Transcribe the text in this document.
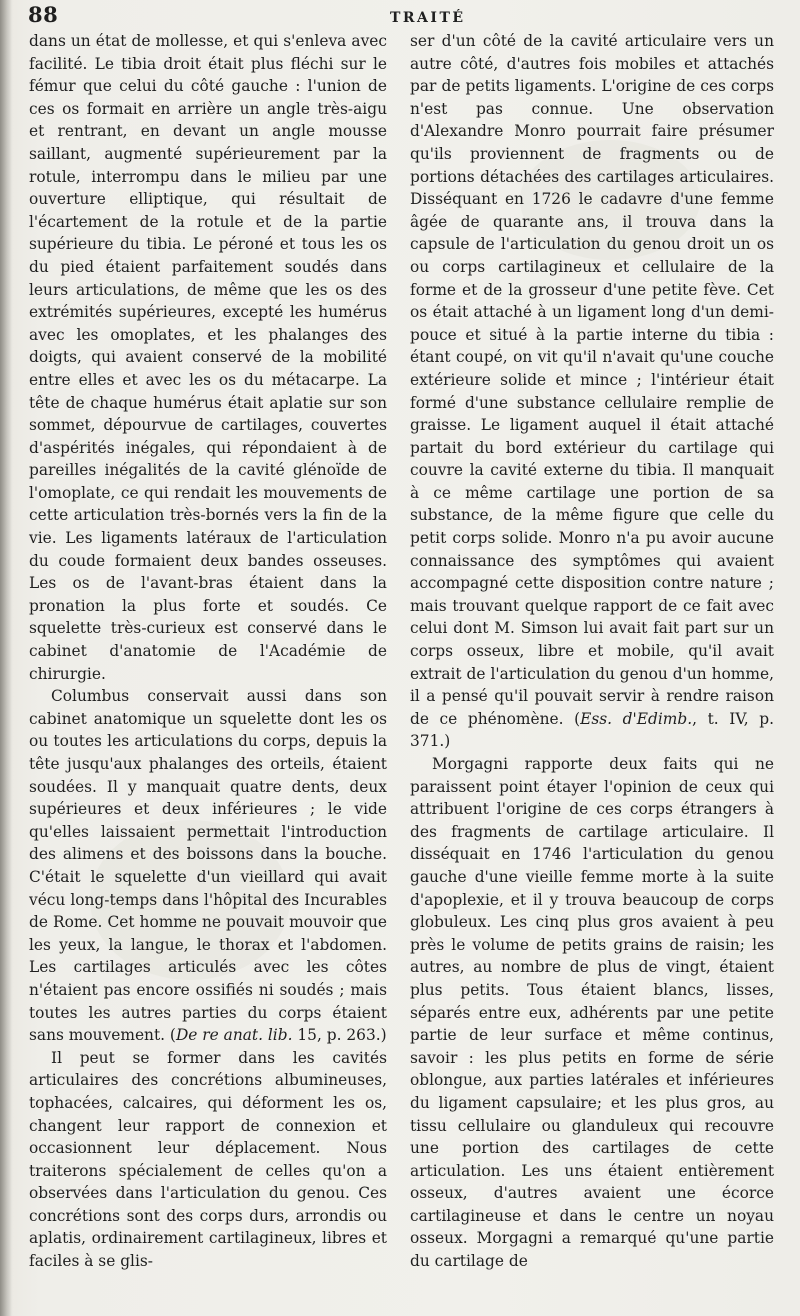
88	TRAITÉ

dans un état de mollesse, et qui s'enleva avec facilité. Le tibia droit était plus fléchi sur le fémur que celui du côté gauche : l'union de ces os formait en arrière un angle très-aigu et rentrant, en devant un angle mousse saillant, augmenté supérieurement par la rotule, interrompu dans le milieu par une ouverture elliptique, qui résultait de l'écartement de la rotule et de la partie supérieure du tibia. Le péroné et tous les os du pied étaient parfaitement soudés dans leurs articulations, de même que les os des extrémités supérieures, excepté les humérus avec les omoplates, et les phalanges des doigts, qui avaient conservé de la mobilité entre elles et avec les os du métacarpe. La tête de chaque humérus était aplatie sur son sommet, dépourvue de cartilages, couvertes d'aspérités inégales, qui répondaient à de pareilles inégalités de la cavité glénoïde de l'omoplate, ce qui rendait les mouvements de cette articulation très-bornés vers la fin de la vie. Les ligaments latéraux de l'articulation du coude formaient deux bandes osseuses. Les os de l'avant-bras étaient dans la pronation la plus forte et soudés. Ce squelette très-curieux est conservé dans le cabinet d'anatomie de l'Académie de chirurgie.

Columbus conservait aussi dans son cabinet anatomique un squelette dont les os ou toutes les articulations du corps, depuis la tête jusqu'aux phalanges des orteils, étaient soudées. Il y manquait quatre dents, deux supérieures et deux inférieures ; le vide qu'elles laissaient permettait l'introduction des alimens et des boissons dans la bouche. C'était le squelette d'un vieillard qui avait vécu long-temps dans l'hôpital des Incurables de Rome. Cet homme ne pouvait mouvoir que les yeux, la langue, le thorax et l'abdomen. Les cartilages articulés avec les côtes n'étaient pas encore ossifiés ni soudés ; mais toutes les autres parties du corps étaient sans mouvement. (De re anat. lib. 15, p. 263.)

Il peut se former dans les cavités articulaires des concrétions albumineuses, tophacées, calcaires, qui déforment les os, changent leur rapport de connexion et occasionnent leur déplacement. Nous traiterons spécialement de celles qu'on a observées dans l'articulation du genou. Ces concrétions sont des corps durs, arrondis ou aplatis, ordinairement cartilagineux, libres et faciles à se glis-

ser d'un côté de la cavité articulaire vers un autre côté, d'autres fois mobiles et attachés par de petits ligaments. L'origine de ces corps n'est pas connue. Une observation d'Alexandre Monro pourrait faire présumer qu'ils proviennent de fragments ou de portions détachées des cartilages articulaires. Disséquant en 1726 le cadavre d'une femme âgée de quarante ans, il trouva dans la capsule de l'articulation du genou droit un os ou corps cartilagineux et cellulaire de la forme et de la grosseur d'une petite fève. Cet os était attaché à un ligament long d'un demi-pouce et situé à la partie interne du tibia : étant coupé, on vit qu'il n'avait qu'une couche extérieure solide et mince ; l'intérieur était formé d'une substance cellulaire remplie de graisse. Le ligament auquel il était attaché partait du bord extérieur du cartilage qui couvre la cavité externe du tibia. Il manquait à ce même cartilage une portion de sa substance, de la même figure que celle du petit corps solide. Monro n'a pu avoir aucune connaissance des symptômes qui avaient accompagné cette disposition contre nature ; mais trouvant quelque rapport de ce fait avec celui dont M. Simson lui avait fait part sur un corps osseux, libre et mobile, qu'il avait extrait de l'articulation du genou d'un homme, il a pensé qu'il pouvait servir à rendre raison de ce phénomène. (Ess. d'Edimb., t. IV, p. 371.)

Morgagni rapporte deux faits qui ne paraissent point étayer l'opinion de ceux qui attribuent l'origine de ces corps étrangers à des fragments de cartilage articulaire. Il disséquait en 1746 l'articulation du genou gauche d'une vieille femme morte à la suite d'apoplexie, et il y trouva beaucoup de corps globuleux. Les cinq plus gros avaient à peu près le volume de petits grains de raisin; les autres, au nombre de plus de vingt, étaient plus petits. Tous étaient blancs, lisses, séparés entre eux, adhérents par une petite partie de leur surface et même continus, savoir : les plus petits en forme de série oblongue, aux parties latérales et inférieures du ligament capsulaire; et les plus gros, au tissu cellulaire ou glanduleux qui recouvre une portion des cartilages de cette articulation. Les uns étaient entièrement osseux, d'autres avaient une écorce cartilagineuse et dans le centre un noyau osseux. Morgagni a remarqué qu'une partie du cartilage de
